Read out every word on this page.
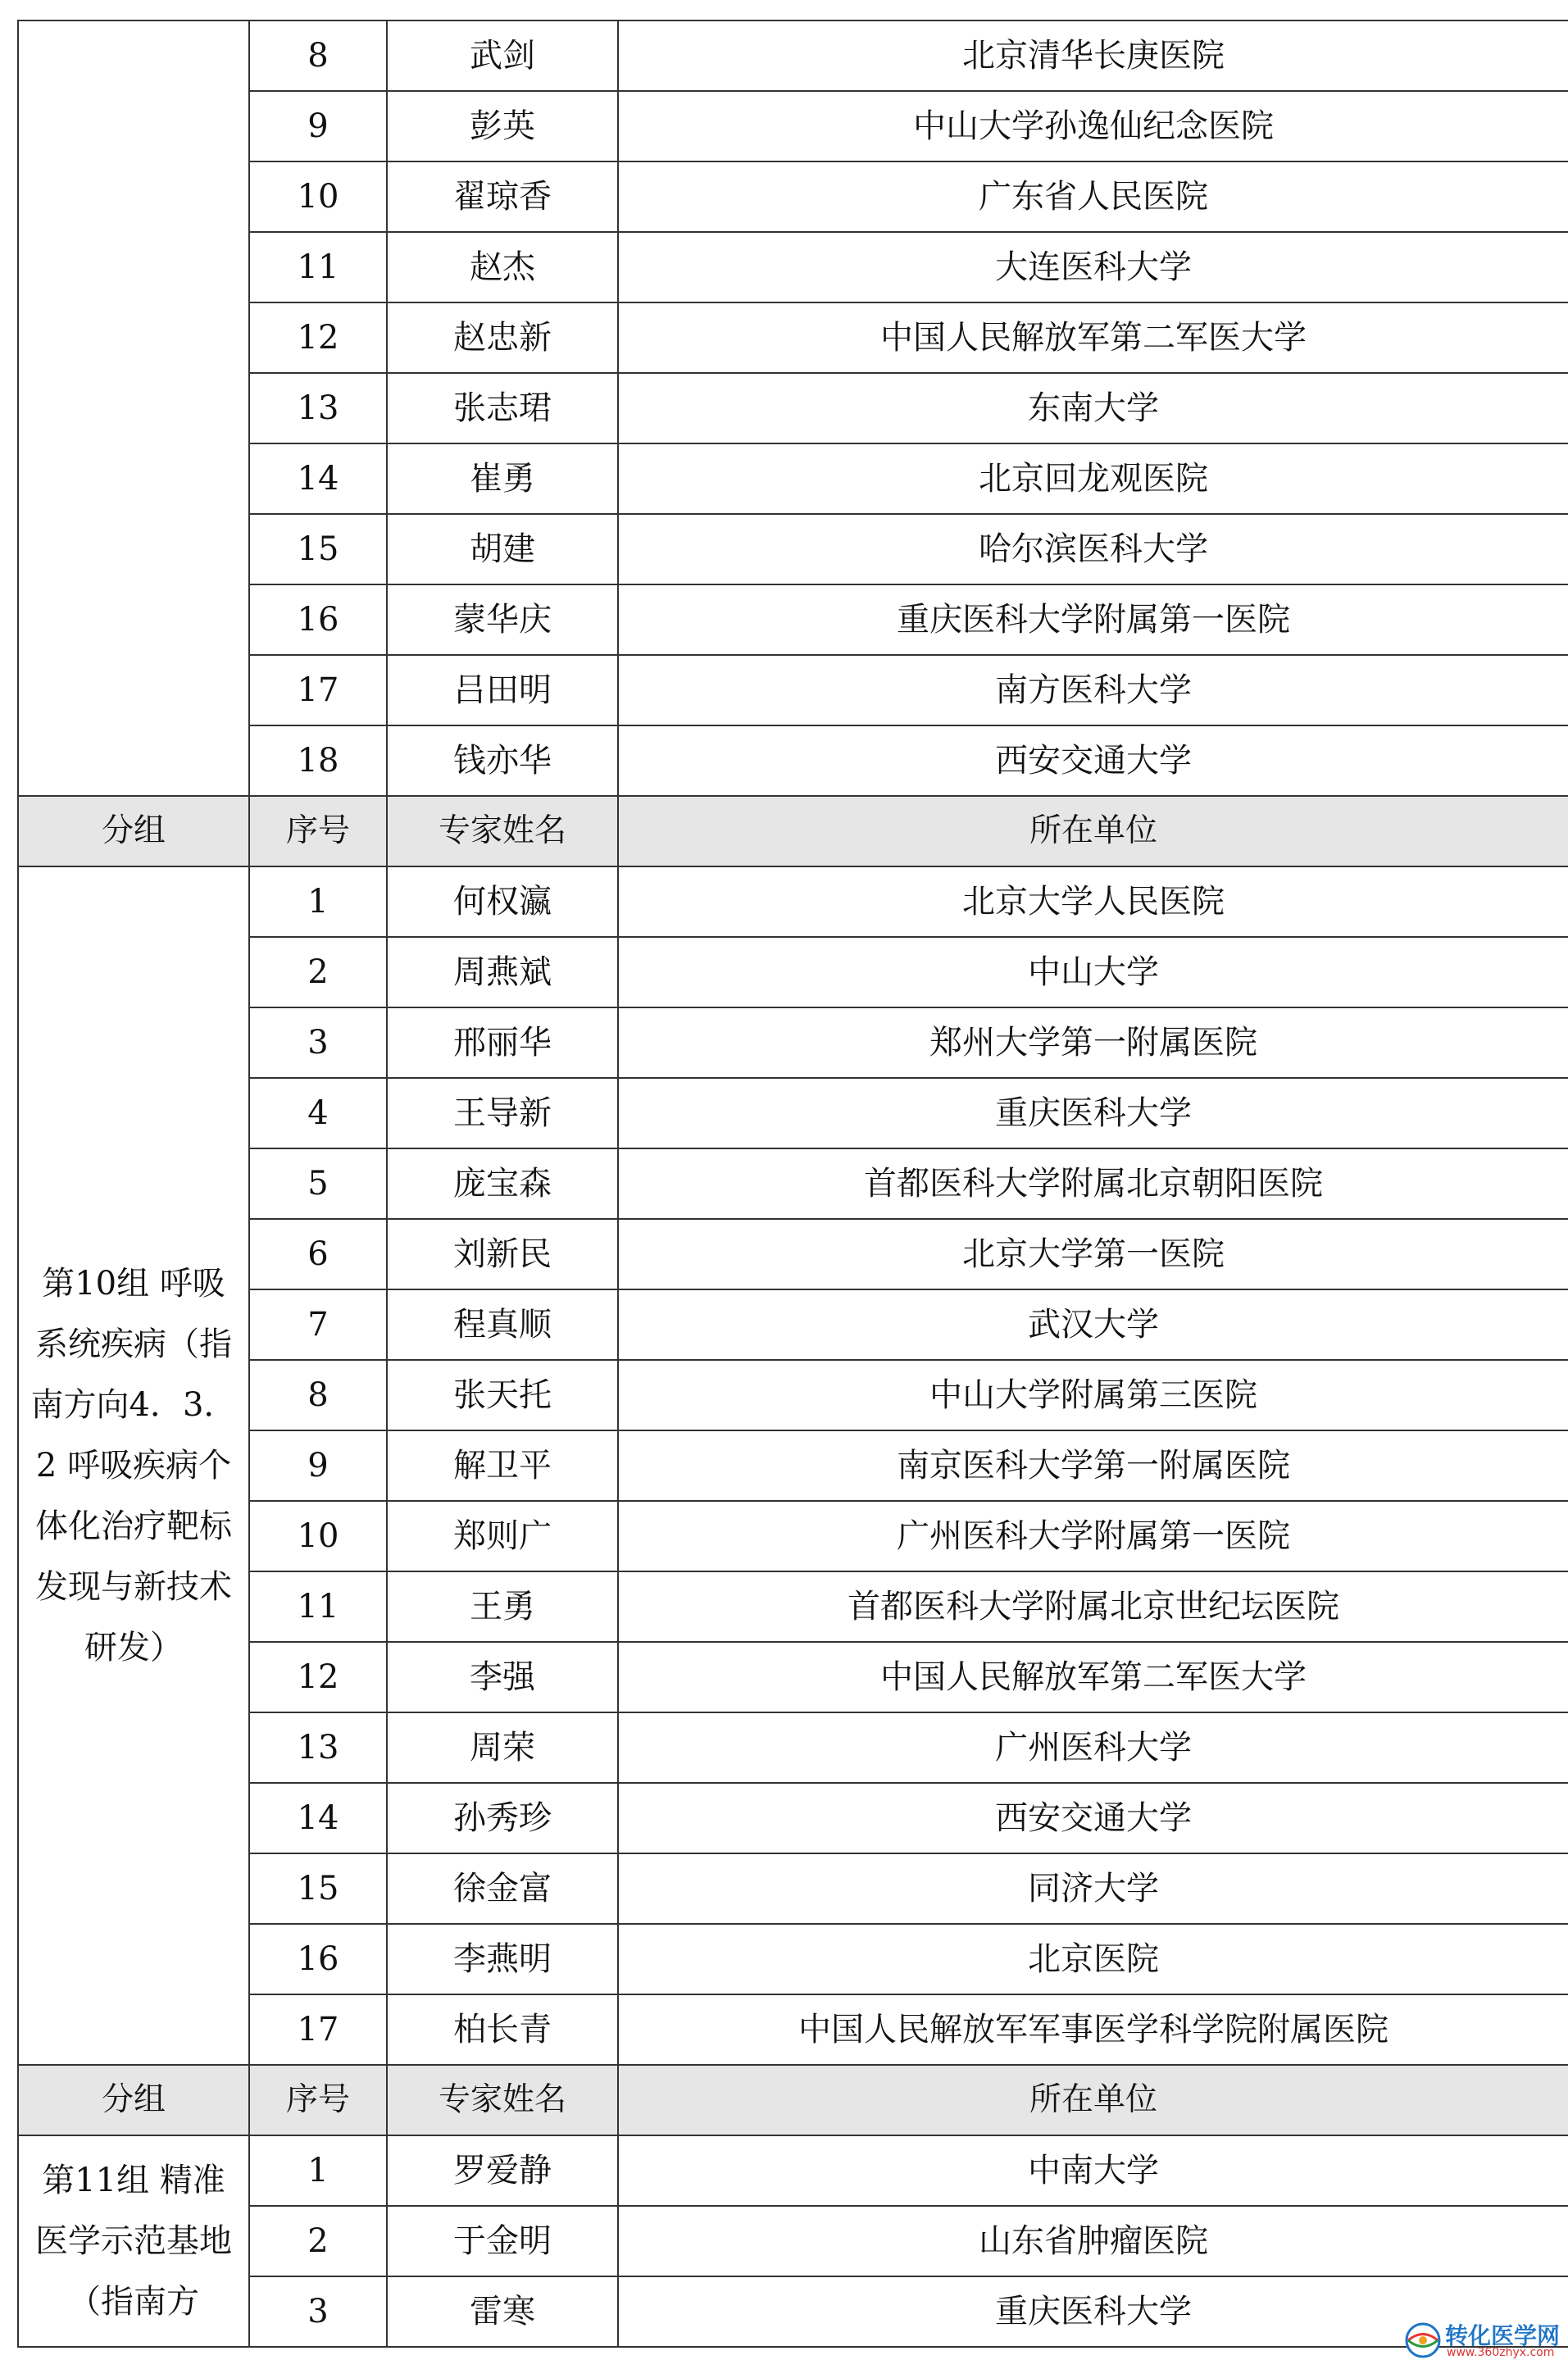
	8	武剑	北京清华长庚医院
	9	彭英	中山大学孙逸仙纪念医院
	10	翟琼香	广东省人民医院
	11	赵杰	大连医科大学
	12	赵忠新	中国人民解放军第二军医大学
	13	张志珺	东南大学
	14	崔勇	北京回龙观医院
	15	胡建	哈尔滨医科大学
	16	蒙华庆	重庆医科大学附属第一医院
	17	吕田明	南方医科大学
	18	钱亦华	西安交通大学
分组	序号	专家姓名	所在单位
第10组 呼吸系统疾病（指南方向4．3．2 呼吸疾病个体化治疗靶标发现与新技术研发）	1	何权瀛	北京大学人民医院
	2	周燕斌	中山大学
	3	邢丽华	郑州大学第一附属医院
	4	王导新	重庆医科大学
	5	庞宝森	首都医科大学附属北京朝阳医院
	6	刘新民	北京大学第一医院
	7	程真顺	武汉大学
	8	张天托	中山大学附属第三医院
	9	解卫平	南京医科大学第一附属医院
	10	郑则广	广州医科大学附属第一医院
	11	王勇	首都医科大学附属北京世纪坛医院
	12	李强	中国人民解放军第二军医大学
	13	周荣	广州医科大学
	14	孙秀珍	西安交通大学
	15	徐金富	同济大学
	16	李燕明	北京医院
	17	柏长青	中国人民解放军军事医学科学院附属医院
分组	序号	专家姓名	所在单位
第11组 精准医学示范基地（指南方	1	罗爱静	中南大学
	2	于金明	山东省肿瘤医院
	3	雷寒	重庆医科大学
转化医学网
www.360zhyx.com
